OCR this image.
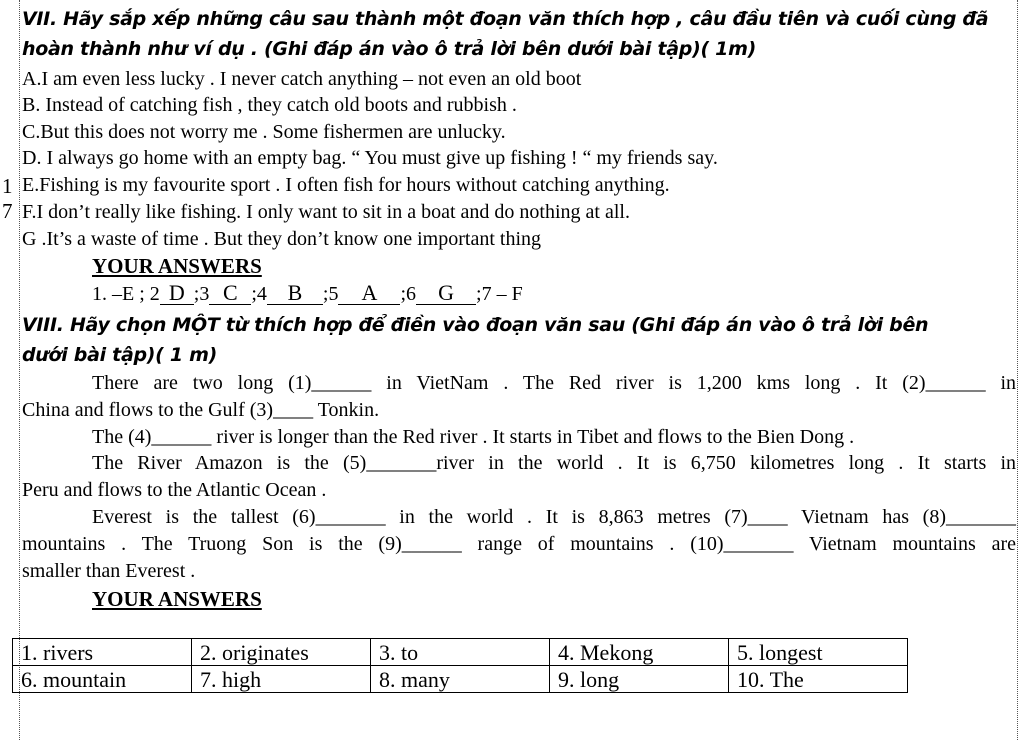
VII. Hãy sắp xếp những câu sau thành một đoạn văn thích hợp , câu đầu tiên và cuối cùng đã
hoàn thành như ví dụ . (Ghi đáp án vào ô trả lời bên dưới bài tập)( 1m)
A.I am even less lucky . I never catch anything – not even an old boot
B. Instead of catching fish , they catch old boots and rubbish .
C.But this does not worry me . Some fishermen are unlucky.
D. I always go home with an empty bag. “ You must give up fishing ! “ my friends say.
E.Fishing is my favourite sport . I often fish for hours without catching anything.
F.I don’t really like fishing. I only want to sit in a boat and do nothing at all.
G .It’s a waste of time . But they don’t know one important thing
1
7
YOUR ANSWERS
1. –E ; 2 D ;3 C ;4 B ;5 A ;6 G ;7 – F
VIII. Hãy chọn MỘT từ thích hợp để điền vào đoạn văn sau (Ghi đáp án vào ô trả lời bên
dưới bài tập)( 1 m)
There are two long (1)______ in VietNam . The Red river is 1,200 kms long . It (2)______ in
China and flows to the Gulf (3)____ Tonkin.
The (4)______ river is longer than the Red river . It starts in Tibet and flows to the Bien Dong .
The River Amazon is the (5)_______river in the world . It is 6,750 kilometres long . It starts in
Peru and flows to the Atlantic Ocean .
Everest is the tallest (6)_______ in the world . It is 8,863 metres (7)____ Vietnam has (8)_______
mountains . The Truong Son is the (9)______ range of mountains . (10)_______ Vietnam mountains are
smaller than Everest .
YOUR ANSWERS
1. rivers	2. originates	3. to	4. Mekong	5. longest
6. mountain	7. high	8. many	9. long	10. The
